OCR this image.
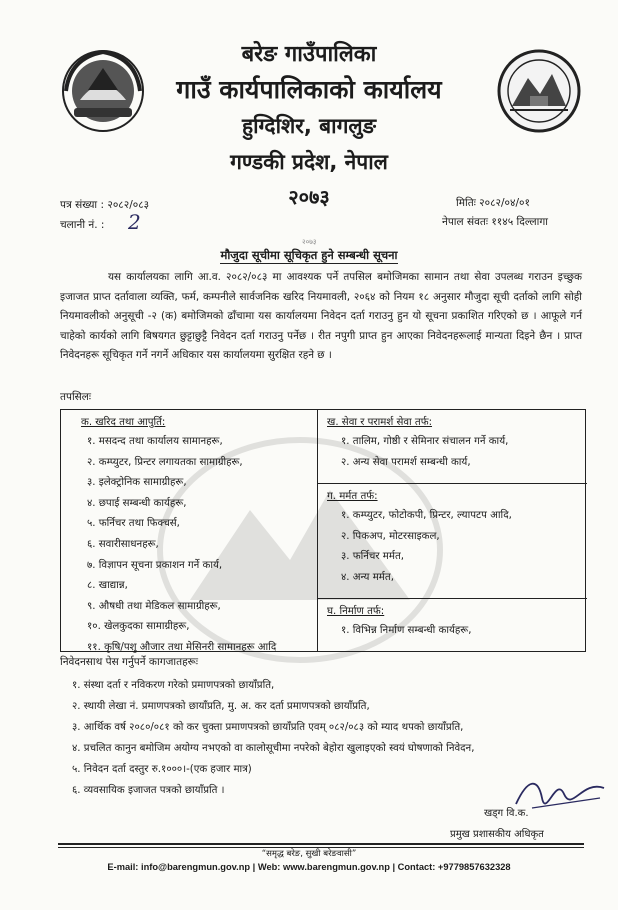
बरेङ गाउँपालिका
गाउँ कार्यपालिकाको कार्यालय
हुग्दिशिर, बागलुङ
गण्डकी प्रदेश, नेपाल
२०७३
पत्र संख्या : २०८२/०८३
चलानी नं. : 2
मितिः २०८२/०४/०१
नेपाल संवतः ११४५ दिल्लागा
२०७३
मौजुदा सूचीमा सूचिकृत हुने सम्बन्धी सूचना
यस कार्यालयका लागि आ.व. २०८२/०८३ मा आवश्यक पर्ने तपसिल बमोजिमका सामान तथा सेवा उपलब्ध गराउन इच्छुक इजाजत प्राप्त दर्तावाला व्यक्ति, फर्म, कम्पनीले सार्वजनिक खरिद नियमावली, २०६४ को नियम १८ अनुसार मौजुदा सूची दर्ताको लागि सोही नियमावलीको अनुसूची -२ (क) बमोजिमको ढाँचामा यस कार्यालयमा निवेदन दर्ता गराउनु हुन यो सूचना प्रकाशित गरिएको छ । आफूले गर्न चाहेको कार्यको लागि बिषयगत छुट्टाछुट्टै निवेदन दर्ता गराउनु पर्नेछ । रीत नपुगी प्राप्त हुन आएका निवेदनहरूलाई मान्यता दिइने छैन । प्राप्त निवेदनहरू सूचिकृत गर्ने नगर्ने अधिकार यस कार्यालयमा सुरक्षित रहने छ ।
तपसिलः
क. खरिद तथा आपुर्ति:
१. मसदन्द तथा कार्यालय सामानहरू,
२. कम्प्युटर, प्रिन्टर लगायतका सामाग्रीहरू,
३. इलेक्ट्रोनिक सामाग्रीहरू,
४. छपाई सम्बन्धी कार्यहरू,
५. फर्निचर तथा फिक्चर्स,
६. सवारीसाधनहरू,
७. विज्ञापन सूचना प्रकाशन गर्ने कार्य,
८. खाद्यान्न,
९. औषधी तथा मेडिकल सामाग्रीहरू,
१०. खेलकुदका सामाग्रीहरू,
११. कृषि/पशु औजार तथा मेसिनरी सामानहरू आदि
ख. सेवा र परामर्श सेवा तर्फ:
१. तालिम, गोष्ठी र सेमिनार संचालन गर्ने कार्य,
२. अन्य सेवा परामर्श सम्बन्धी कार्य,
ग. मर्मत तर्फ:
१. कम्प्युटर, फोटोकपी, प्रिन्टर, ल्यापटप आदि,
२. पिकअप, मोटरसाइकल,
३. फर्निचर मर्मत,
४. अन्य मर्मत,
घ. निर्माण तर्फ:
१. विभिन्न निर्माण सम्बन्धी कार्यहरू,
निवेदनसाथ पेस गर्नुपर्ने कागजातहरूः
१. संस्था दर्ता र नविकरण गरेको प्रमाणपत्रको छायाँप्रति,
२. स्थायी लेखा नं. प्रमाणपत्रको छायाँप्रति, मु. अ. कर दर्ता प्रमाणपत्रको छायाँप्रति,
३. आर्थिक वर्ष २०८०/०८१ को कर चुक्ता प्रमाणपत्रको छायाँप्रति एवम् ०८२/०८३ को म्याद थपको छायाँप्रति,
४. प्रचलित कानुन बमोजिम अयोग्य नभएको वा कालोसूचीमा नपरेको बेहोरा खुलाइएको स्वयं घोषणाको निवेदन,
५. निवेदन दर्ता दस्तुर रु.१०००।-(एक हजार मात्र)
६. व्यवसायिक इजाजत पत्रको छायाँप्रति ।
खड्ग वि.क.
प्रमुख प्रशासकीय अधिकृत
“समृद्ध बरेङ, सुखी बरेङवासी”
E-mail: info@barengmun.gov.np | Web: www.barengmun.gov.np | Contact: +9779857632328
